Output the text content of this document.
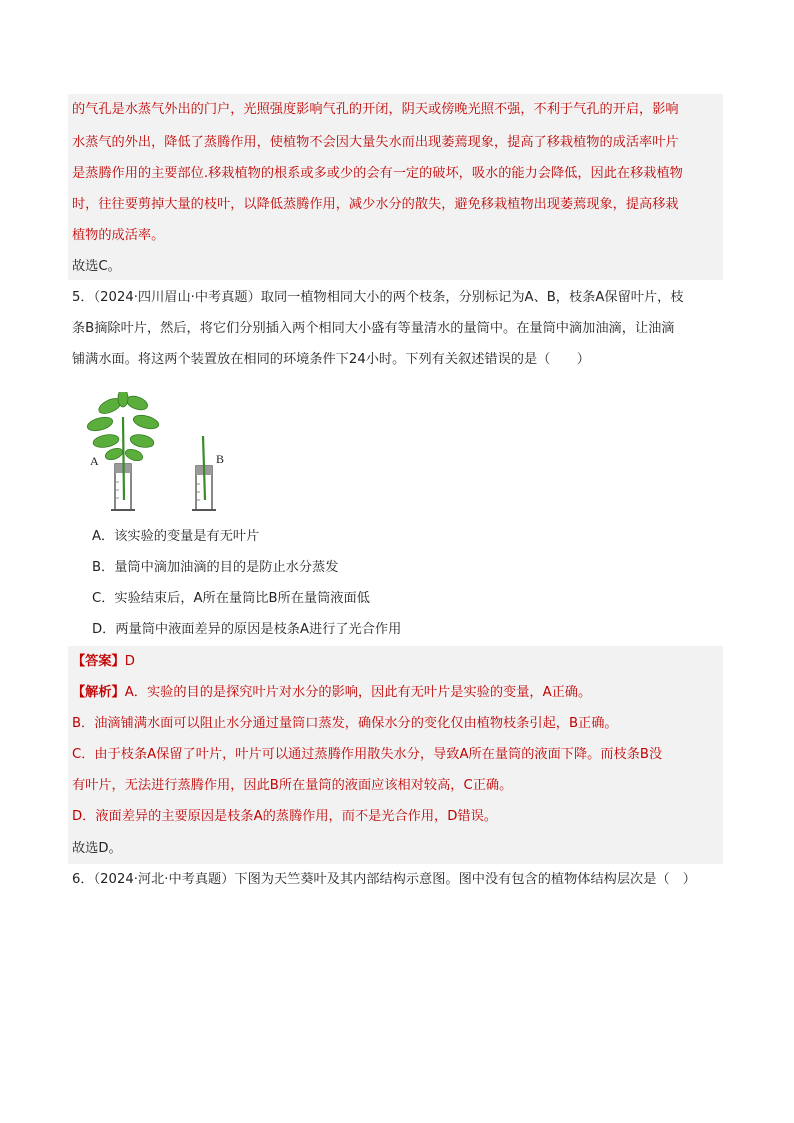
的气孔是水蒸气外出的门户，光照强度影响气孔的开闭，阴天或傍晚光照不强，不利于气孔的开启，影响
水蒸气的外出，降低了蒸腾作用，使植物不会因大量失水而出现萎蔫现象，提高了移栽植物的成活率叶片
是蒸腾作用的主要部位.移栽植物的根系或多或少的会有一定的破坏，吸水的能力会降低，因此在移栽植物
时，往往要剪掉大量的枝叶，以降低蒸腾作用，减少水分的散失，避免移栽植物出现萎蔫现象，提高移栽
植物的成活率。
故选C。
5．（2024·四川眉山·中考真题）取同一植物相同大小的两个枝条，分别标记为A、B，枝条A保留叶片，枝
条B摘除叶片，然后，将它们分别插入两个相同大小盛有等量清水的量筒中。在量筒中滴加油滴，让油滴
铺满水面。将这两个装置放在相同的环境条件下24小时。下列有关叙述错误的是（　　）
A	B
A．该实验的变量是有无叶片
B．量筒中滴加油滴的目的是防止水分蒸发
C．实验结束后，A所在量筒比B所在量筒液面低
D．两量筒中液面差异的原因是枝条A进行了光合作用
【答案】D
【解析】A．实验的目的是探究叶片对水分的影响，因此有无叶片是实验的变量，A正确。
B．油滴铺满水面可以阻止水分通过量筒口蒸发，确保水分的变化仅由植物枝条引起，B正确。
C．由于枝条A保留了叶片，叶片可以通过蒸腾作用散失水分，导致A所在量筒的液面下降。而枝条B没
有叶片，无法进行蒸腾作用，因此B所在量筒的液面应该相对较高，C正确。
D．液面差异的主要原因是枝条A的蒸腾作用，而不是光合作用，D错误。
故选D。
6．（2024·河北·中考真题）下图为天竺葵叶及其内部结构示意图。图中没有包含的植物体结构层次是（　）
